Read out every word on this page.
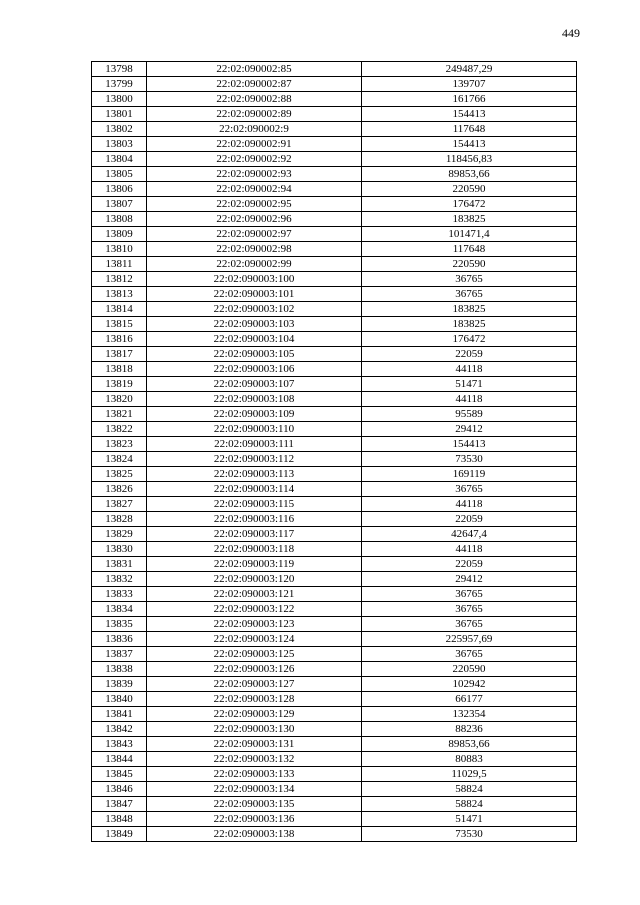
449
13798	22:02:090002:85	249487,29
13799	22:02:090002:87	139707
13800	22:02:090002:88	161766
13801	22:02:090002:89	154413
13802	22:02:090002:9	117648
13803	22:02:090002:91	154413
13804	22:02:090002:92	118456,83
13805	22:02:090002:93	89853,66
13806	22:02:090002:94	220590
13807	22:02:090002:95	176472
13808	22:02:090002:96	183825
13809	22:02:090002:97	101471,4
13810	22:02:090002:98	117648
13811	22:02:090002:99	220590
13812	22:02:090003:100	36765
13813	22:02:090003:101	36765
13814	22:02:090003:102	183825
13815	22:02:090003:103	183825
13816	22:02:090003:104	176472
13817	22:02:090003:105	22059
13818	22:02:090003:106	44118
13819	22:02:090003:107	51471
13820	22:02:090003:108	44118
13821	22:02:090003:109	95589
13822	22:02:090003:110	29412
13823	22:02:090003:111	154413
13824	22:02:090003:112	73530
13825	22:02:090003:113	169119
13826	22:02:090003:114	36765
13827	22:02:090003:115	44118
13828	22:02:090003:116	22059
13829	22:02:090003:117	42647,4
13830	22:02:090003:118	44118
13831	22:02:090003:119	22059
13832	22:02:090003:120	29412
13833	22:02:090003:121	36765
13834	22:02:090003:122	36765
13835	22:02:090003:123	36765
13836	22:02:090003:124	225957,69
13837	22:02:090003:125	36765
13838	22:02:090003:126	220590
13839	22:02:090003:127	102942
13840	22:02:090003:128	66177
13841	22:02:090003:129	132354
13842	22:02:090003:130	88236
13843	22:02:090003:131	89853,66
13844	22:02:090003:132	80883
13845	22:02:090003:133	11029,5
13846	22:02:090003:134	58824
13847	22:02:090003:135	58824
13848	22:02:090003:136	51471
13849	22:02:090003:138	73530
